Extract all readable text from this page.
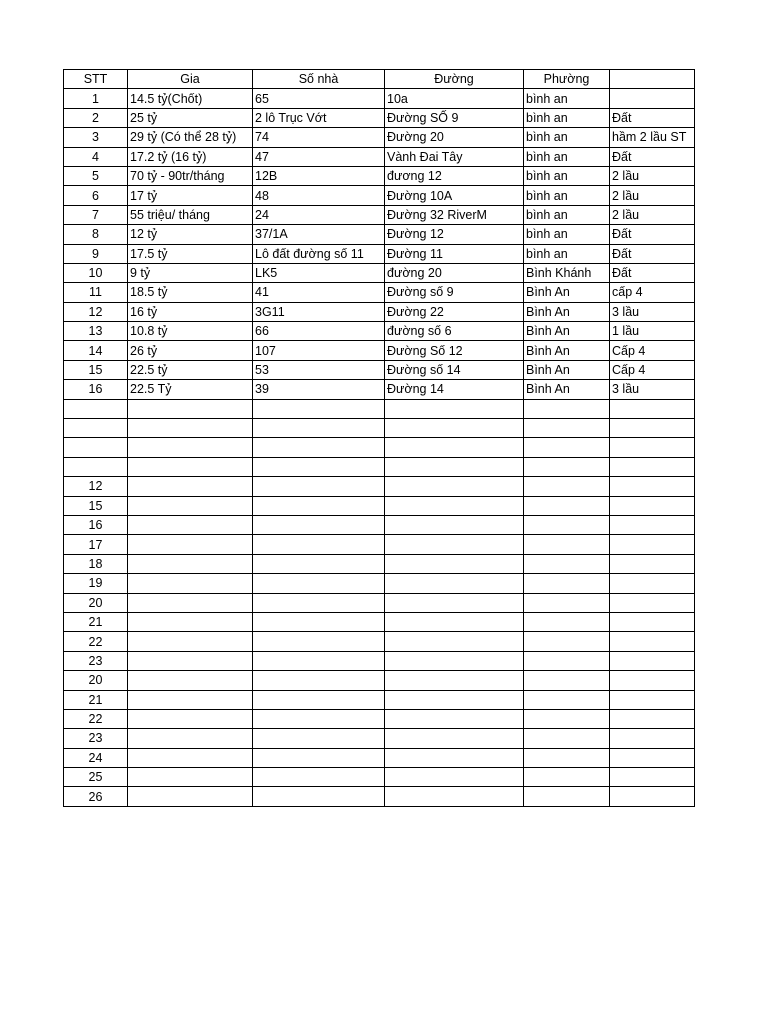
STT	Gia	Số nhà	Đường	Phường	
1	14.5 tỷ(Chốt)	65	10a	bình an	
2	25 tỷ	2 lô Trục Vớt	Đường SỐ 9	bình an	Đất
3	29 tỷ (Có thể 28 tỷ)	74	Đường 20	bình an	hầm 2 lầu ST
4	17.2 tỷ (16 tỷ)	47	Vành Đai Tây	bình an	Đất
5	70 tỷ - 90tr/tháng	12B	đương 12	bình an	2 lầu
6	17 tỷ	48	Đường 10A	bình an	2 lầu
7	55 triệu/ tháng	24	Đường 32 RiverM	bình an	2 lầu
8	12 tỷ	37/1A	Đường 12	bình an	Đất
9	17.5 tỷ	Lô đất đường số 11	Đường 11	bình an	Đất
10	9 tỷ	LK5	đường 20	Bình Khánh	Đất
11	18.5 tỷ	41	Đường số 9	Bình An	cấp 4
12	16 tỷ	3G11	Đường 22	Bình An	3 lầu
13	10.8 tỷ	66	đường số 6	Bình An	1 lầu
14	26 tỷ	107	Đường Số 12	Bình An	Cấp 4
15	22.5 tỷ	53	Đường số 14	Bình An	Cấp 4
16	22.5 Tỷ	39	Đường 14	Bình An	3 lầu

12					
15					
16					
17					
18					
19					
20					
21					
22					
23					
20					
21					
22					
23					
24					
25					
26					
